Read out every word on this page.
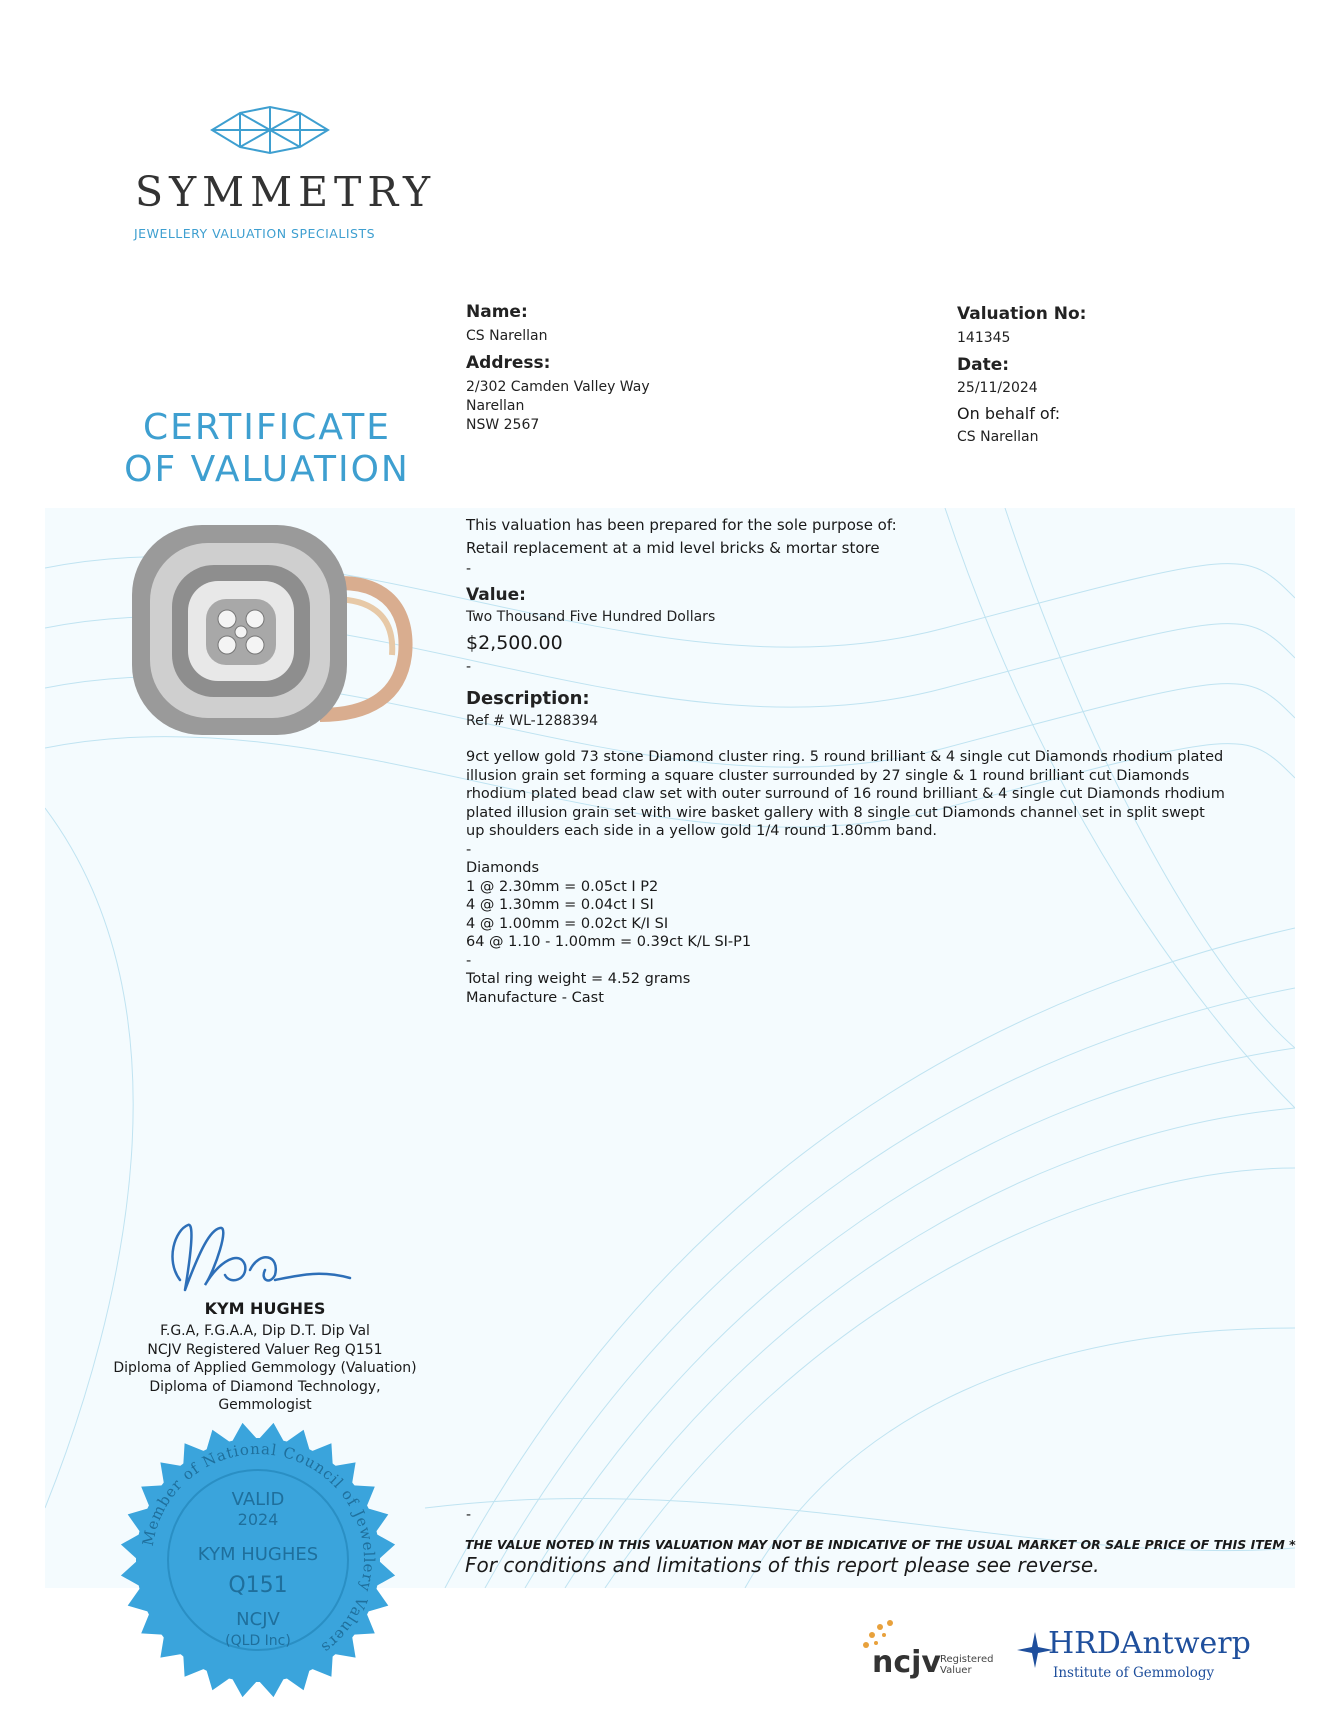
SYMMETRY
JEWELLERY VALUATION SPECIALISTS
CERTIFICATE
OF VALUATION
Name:
CS Narellan
Address:
2/302 Camden Valley Way
Narellan
NSW 2567
Valuation No:
141345
Date:
25/11/2024
On behalf of:
CS Narellan
This valuation has been prepared for the sole purpose of:
Retail replacement at a mid level bricks & mortar store
-
Value:
Two Thousand Five Hundred Dollars
$2,500.00
-
Description:
Ref # WL-1288394
9ct yellow gold 73 stone Diamond cluster ring. 5 round brilliant & 4 single cut Diamonds rhodium plated
illusion grain set forming a square cluster surrounded by 27 single & 1 round brilliant cut Diamonds
rhodium plated bead claw set with outer surround of 16 round brilliant & 4 single cut Diamonds rhodium
plated illusion grain set with wire basket gallery with 8 single cut Diamonds channel set in split swept
up shoulders each side in a yellow gold 1/4 round 1.80mm band.
-
Diamonds
1 @ 2.30mm = 0.05ct I P2
4 @ 1.30mm = 0.04ct I SI
4 @ 1.00mm = 0.02ct K/I SI
64 @ 1.10 - 1.00mm = 0.39ct K/L SI-P1
-
Total ring weight = 4.52 grams
Manufacture - Cast
KYM HUGHES
F.G.A, F.G.A.A, Dip D.T. Dip Val
NCJV Registered Valuer Reg Q151
Diploma of Applied Gemmology (Valuation)
Diploma of Diamond Technology,
Gemmologist
Member of National Council of Jewellery Valuers
VALID
2024
KYM HUGHES
Q151
NCJV
(QLD Inc)
-
THE VALUE NOTED IN THIS VALUATION MAY NOT BE INDICATIVE OF THE USUAL MARKET OR SALE PRICE OF THIS ITEM *
For conditions and limitations of this report please see reverse.
ncjv Registered
Valuer
HRDAntwerp
Institute of Gemmology
